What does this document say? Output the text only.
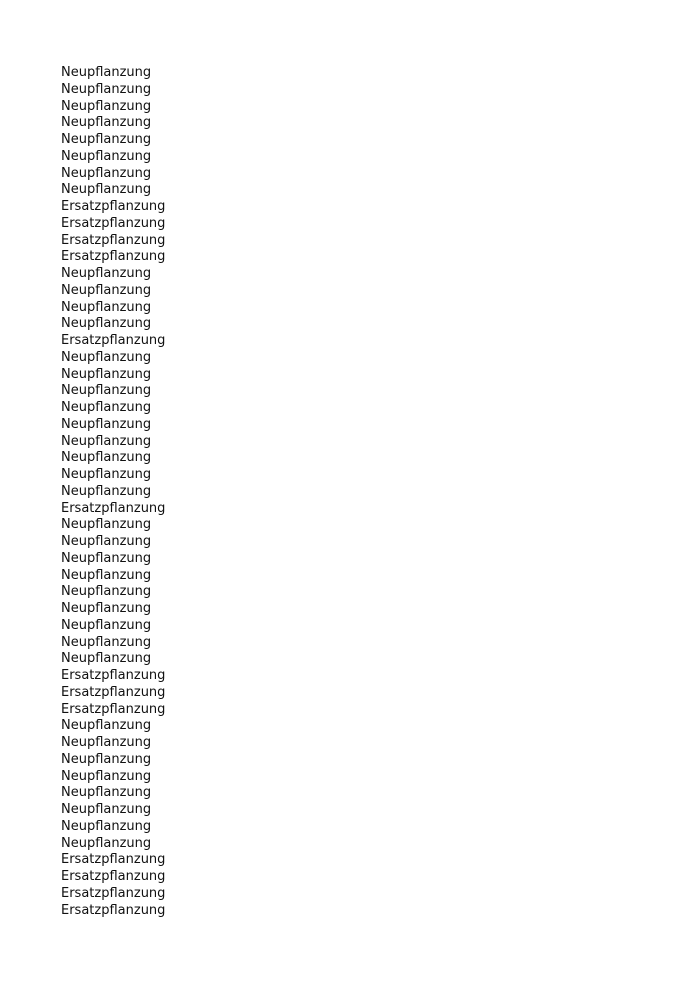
Neupflanzung
Neupflanzung
Neupflanzung
Neupflanzung
Neupflanzung
Neupflanzung
Neupflanzung
Neupflanzung
Ersatzpflanzung
Ersatzpflanzung
Ersatzpflanzung
Ersatzpflanzung
Neupflanzung
Neupflanzung
Neupflanzung
Neupflanzung
Ersatzpflanzung
Neupflanzung
Neupflanzung
Neupflanzung
Neupflanzung
Neupflanzung
Neupflanzung
Neupflanzung
Neupflanzung
Neupflanzung
Ersatzpflanzung
Neupflanzung
Neupflanzung
Neupflanzung
Neupflanzung
Neupflanzung
Neupflanzung
Neupflanzung
Neupflanzung
Neupflanzung
Ersatzpflanzung
Ersatzpflanzung
Ersatzpflanzung
Neupflanzung
Neupflanzung
Neupflanzung
Neupflanzung
Neupflanzung
Neupflanzung
Neupflanzung
Neupflanzung
Ersatzpflanzung
Ersatzpflanzung
Ersatzpflanzung
Ersatzpflanzung
